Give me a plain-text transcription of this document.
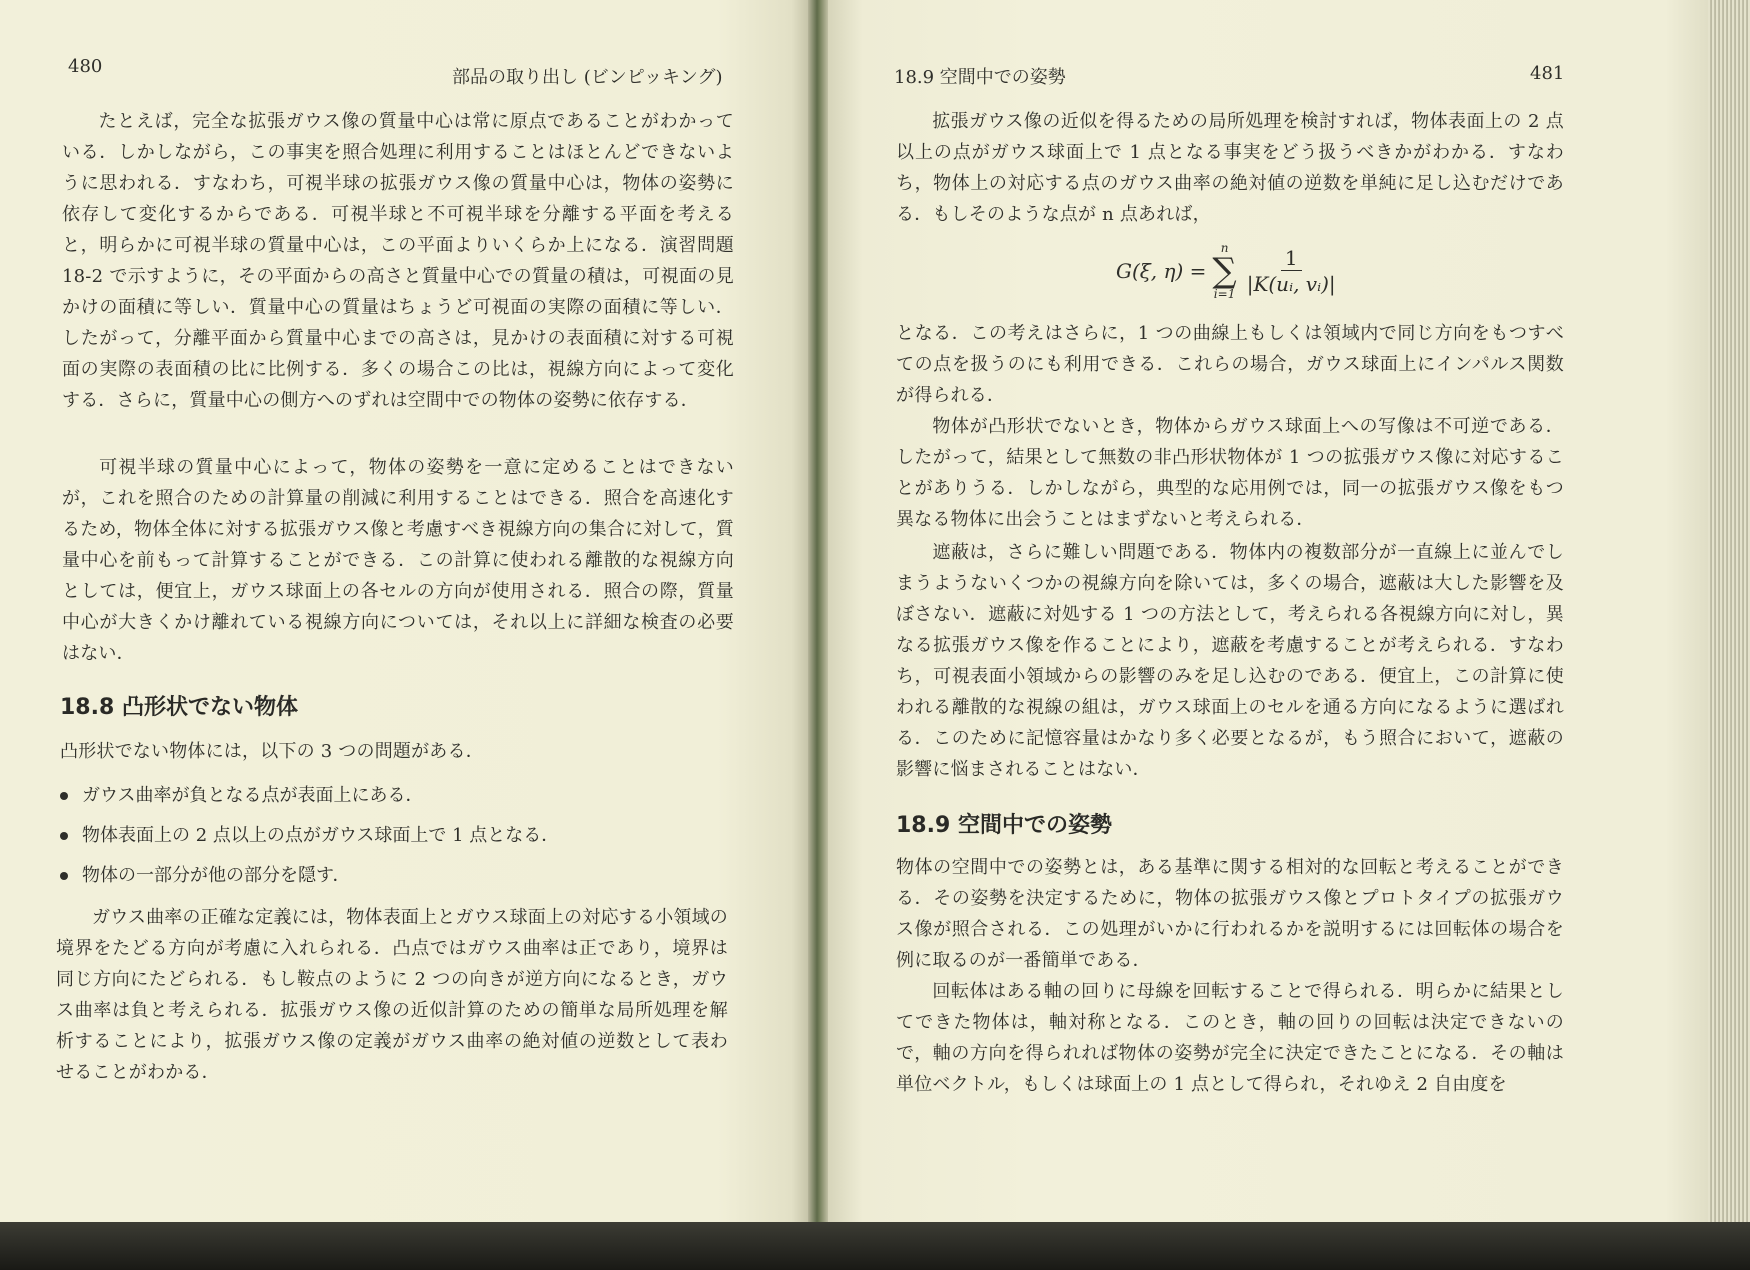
480
部品の取り出し (ビンピッキング)
たとえば，完全な拡張ガウス像の質量中心は常に原点であることがわかっている．しかしながら，この事実を照合処理に利用することはほとんどできないように思われる．すなわち，可視半球の拡張ガウス像の質量中心は，物体の姿勢に依存して変化するからである．可視半球と不可視半球を分離する平面を考えると，明らかに可視半球の質量中心は，この平面よりいくらか上になる．演習問題 18-2 で示すように，その平面からの高さと質量中心での質量の積は，可視面の見かけの面積に等しい．質量中心の質量はちょうど可視面の実際の面積に等しい．したがって，分離平面から質量中心までの高さは，見かけの表面積に対する可視面の実際の表面積の比に比例する．多くの場合この比は，視線方向によって変化する．さらに，質量中心の側方へのずれは空間中での物体の姿勢に依存する．
可視半球の質量中心によって，物体の姿勢を一意に定めることはできないが，これを照合のための計算量の削減に利用することはできる．照合を高速化するため，物体全体に対する拡張ガウス像と考慮すべき視線方向の集合に対して，質量中心を前もって計算することができる．この計算に使われる離散的な視線方向としては，便宜上，ガウス球面上の各セルの方向が使用される．照合の際，質量中心が大きくかけ離れている視線方向については，それ以上に詳細な検査の必要はない．
18.8 凸形状でない物体
凸形状でない物体には，以下の 3 つの問題がある．
ガウス曲率が負となる点が表面上にある．
物体表面上の 2 点以上の点がガウス球面上で 1 点となる．
物体の一部分が他の部分を隠す．
ガウス曲率の正確な定義には，物体表面上とガウス球面上の対応する小領域の境界をたどる方向が考慮に入れられる．凸点ではガウス曲率は正であり，境界は同じ方向にたどられる．もし鞍点のように 2 つの向きが逆方向になるとき，ガウス曲率は負と考えられる．拡張ガウス像の近似計算のための簡単な局所処理を解析することにより，拡張ガウス像の定義がガウス曲率の絶対値の逆数として表わせることがわかる．
18.9 空間中での姿勢	481
拡張ガウス像の近似を得るための局所処理を検討すれば，物体表面上の 2 点以上の点がガウス球面上で 1 点となる事実をどう扱うべきかがわかる．すなわち，物体上の対応する点のガウス曲率の絶対値の逆数を単純に足し込むだけである．もしそのような点が n 点あれば，
G(ξ, η) =
n
∑
$i=1 \frac{1}{\text{|K(uᵢ, vᵢ)|}}$
となる．この考えはさらに，1 つの曲線上もしくは領域内で同じ方向をもつすべての点を扱うのにも利用できる．これらの場合，ガウス球面上にインパルス関数が得られる．
物体が凸形状でないとき，物体からガウス球面上への写像は不可逆である．したがって，結果として無数の非凸形状物体が 1 つの拡張ガウス像に対応することがありうる．しかしながら，典型的な応用例では，同一の拡張ガウス像をもつ異なる物体に出会うことはまずないと考えられる．
遮蔽は，さらに難しい問題である．物体内の複数部分が一直線上に並んでしまうようないくつかの視線方向を除いては，多くの場合，遮蔽は大した影響を及ぼさない．遮蔽に対処する 1 つの方法として，考えられる各視線方向に対し，異なる拡張ガウス像を作ることにより，遮蔽を考慮することが考えられる．すなわち，可視表面小領域からの影響のみを足し込むのである．便宜上，この計算に使われる離散的な視線の組は，ガウス球面上のセルを通る方向になるように選ばれる．このために記憶容量はかなり多く必要となるが，もう照合において，遮蔽の影響に悩まされることはない．
18.9 空間中での姿勢
物体の空間中での姿勢とは，ある基準に関する相対的な回転と考えることができる．その姿勢を決定するために，物体の拡張ガウス像とプロトタイプの拡張ガウス像が照合される．この処理がいかに行われるかを説明するには回転体の場合を例に取るのが一番簡単である．
回転体はある軸の回りに母線を回転することで得られる．明らかに結果としてできた物体は，軸対称となる．このとき，軸の回りの回転は決定できないので，軸の方向を得られれば物体の姿勢が完全に決定できたことになる．その軸は単位ベクトル，もしくは球面上の 1 点として得られ，それゆえ 2 自由度を
